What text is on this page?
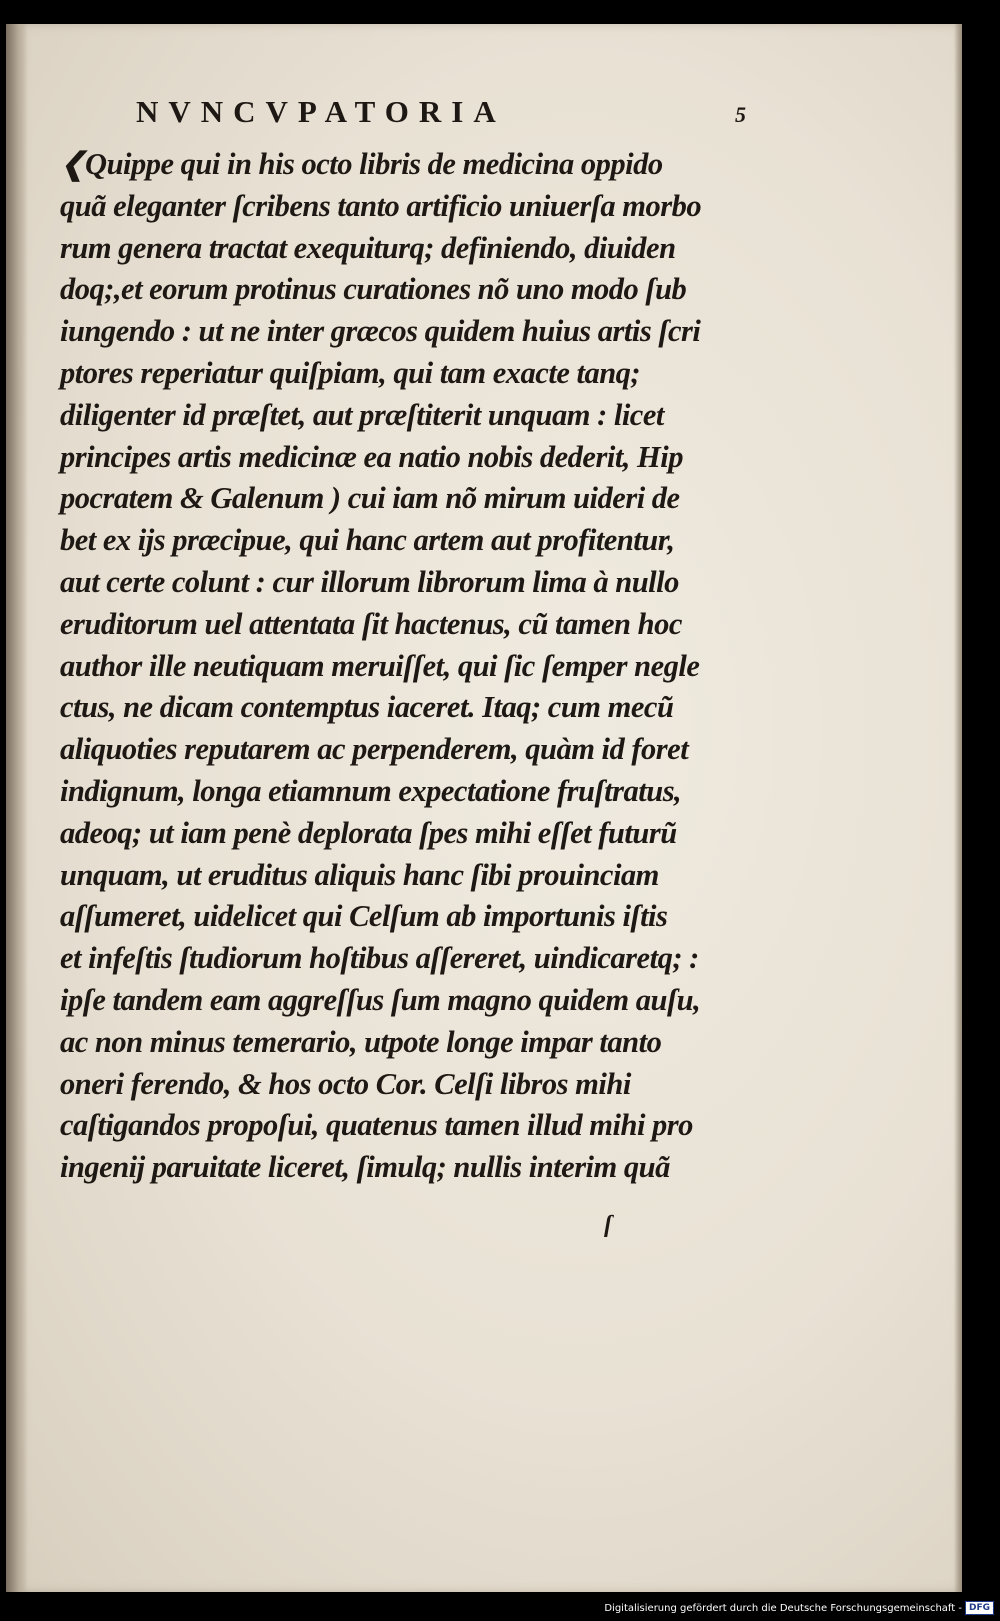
NVNCVPATORIA	5
❮Quippe qui in his octo libris de medicina oppido
quã eleganter ſcribens tanto artificio uniuerſa morbo
rum genera tractat exequiturq; definiendo, diuiden
doq;,et eorum protinus curationes nõ uno modo ſub
iungendo : ut ne inter græcos quidem huius artis ſcri
ptores reperiatur quiſpiam, qui tam exacte tanq;
diligenter id præſtet, aut præſtiterit unquam : licet
principes artis medicinæ ea natio nobis dederit, Hip
pocratem & Galenum ) cui iam nõ mirum uideri de
bet ex ijs præcipue, qui hanc artem aut profitentur,
aut certe colunt : cur illorum librorum lima à nullo
eruditorum uel attentata ſit hactenus, cũ tamen hoc
author ille neutiquam meruiſſet, qui ſic ſemper negle
ctus, ne dicam contemptus iaceret. Itaq; cum mecũ
aliquoties reputarem ac perpenderem, quàm id foret
indignum, longa etiamnum expectatione fruſtratus,
adeoq; ut iam penè deplorata ſpes mihi eſſet futurũ
unquam, ut eruditus aliquis hanc ſibi prouinciam
aſſumeret, uidelicet qui Celſum ab importunis iſtis
et infeſtis ſtudiorum hoſtibus aſſereret, uindicaretq; :
ipſe tandem eam aggreſſus ſum magno quidem auſu,
ac non minus temerario, utpote longe impar tanto
oneri ferendo, & hos octo Cor. Celſi libros mihi
caſtigandos propoſui, quatenus tamen illud mihi pro
ingenij paruitate liceret, ſimulq; nullis interim quã
ſ
Digitalisierung gefördert durch die Deutsche Forschungsgemeinschaft - DFG
